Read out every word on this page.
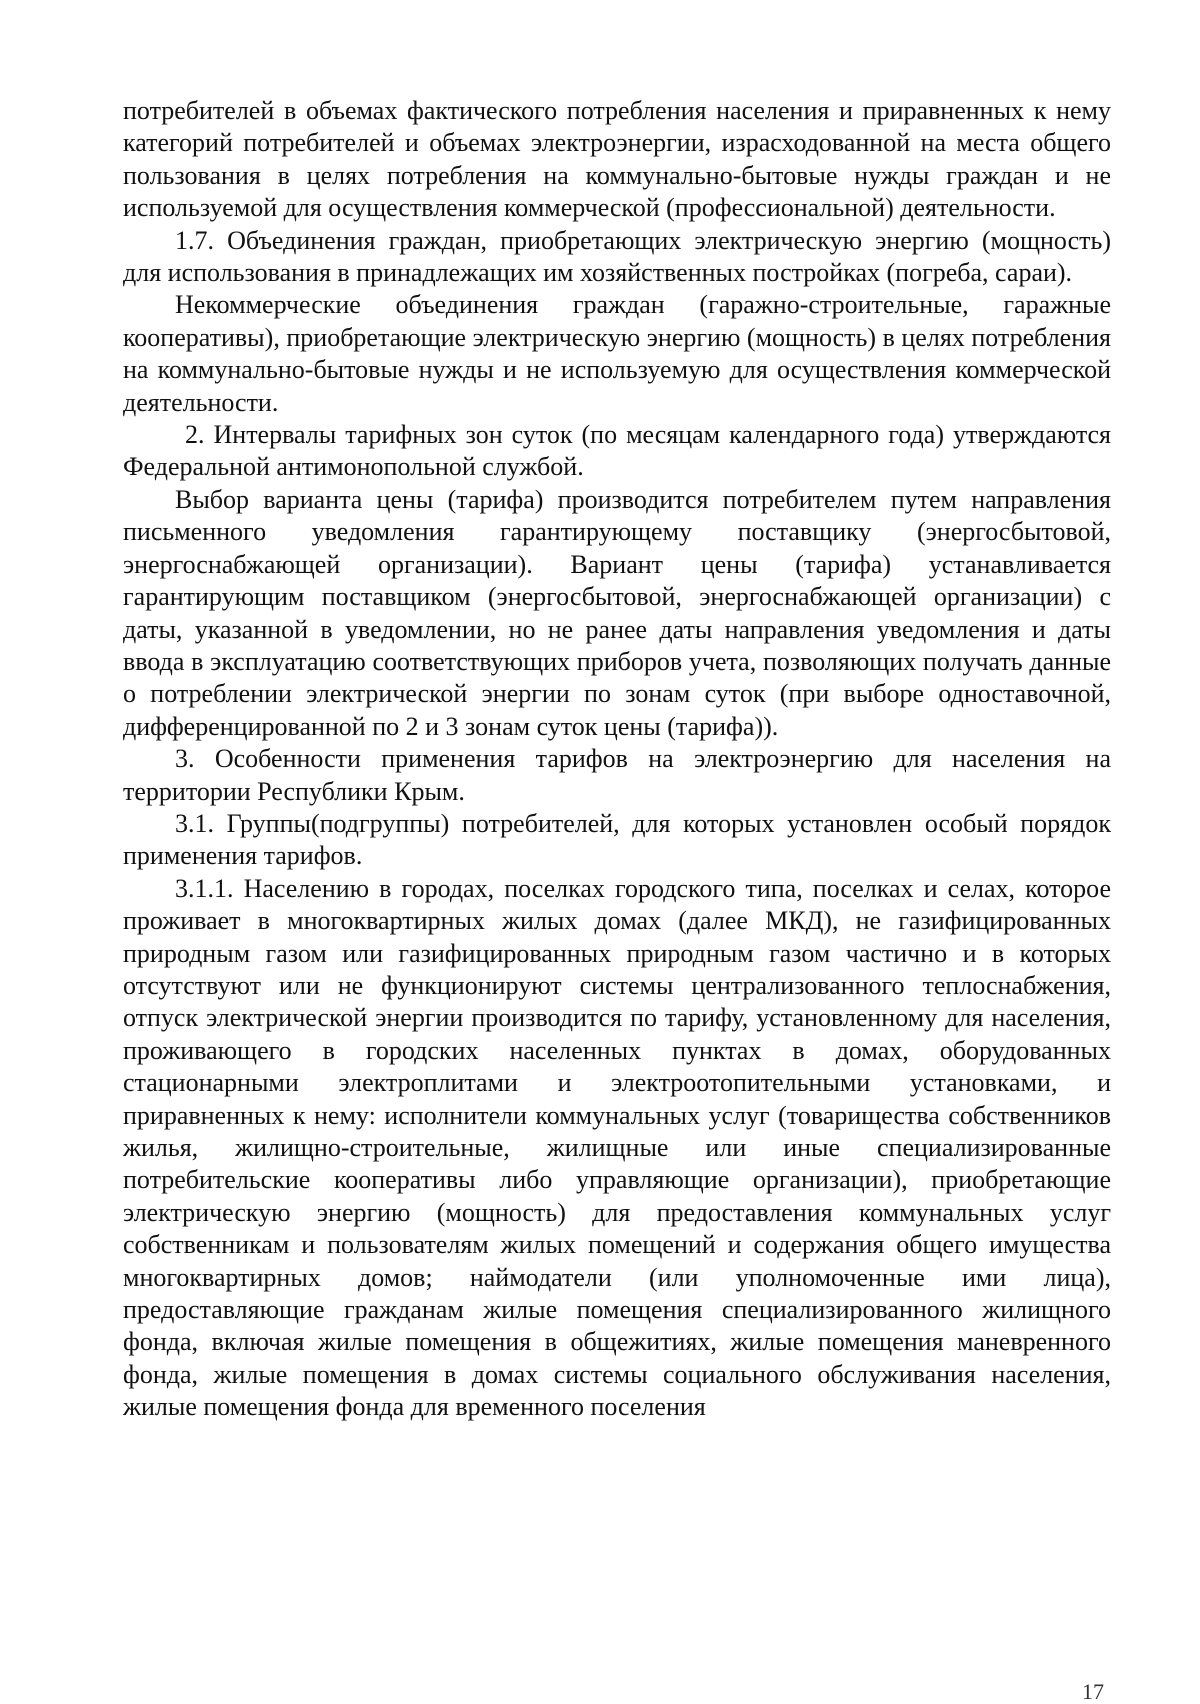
потребителей в объемах фактического потребления населения и приравненных к нему категорий потребителей и объемах электроэнергии, израсходованной на места общего пользования в целях потребления на коммунально-бытовые нужды граждан и не используемой для осуществления коммерческой (профессиональной) деятельности.

1.7. Объединения граждан, приобретающих электрическую энергию (мощность) для использования в принадлежащих им хозяйственных постройках (погреба, сараи).

Некоммерческие объединения граждан (гаражно-строительные, гаражные кооперативы), приобретающие электрическую энергию (мощность) в целях потребления на коммунально-бытовые нужды и не используемую для осуществления коммерческой деятельности.

2. Интервалы тарифных зон суток (по месяцам календарного года) утверждаются Федеральной антимонопольной службой.

Выбор варианта цены (тарифа) производится потребителем путем направления письменного уведомления гарантирующему поставщику (энергосбытовой, энергоснабжающей организации). Вариант цены (тарифа) устанавливается гарантирующим поставщиком (энергосбытовой, энергоснабжающей организации) с даты, указанной в уведомлении, но не ранее даты направления уведомления и даты ввода в эксплуатацию соответствующих приборов учета, позволяющих получать данные о потреблении электрической энергии по зонам суток (при выборе одноставочной, дифференцированной по 2 и 3 зонам суток цены (тарифа)).

3. Особенности применения тарифов на электроэнергию для населения на территории Республики Крым.

3.1. Группы(подгруппы) потребителей, для которых установлен особый порядок применения тарифов.

3.1.1. Населению в городах, поселках городского типа, поселках и селах, которое проживает в многоквартирных жилых домах (далее МКД), не газифицированных природным газом или газифицированных природным газом частично и в которых отсутствуют или не функционируют системы централизованного теплоснабжения, отпуск электрической энергии производится по тарифу, установленному для населения, проживающего в городских населенных пунктах в домах, оборудованных стационарными электроплитами и электроотопительными установками, и приравненных к нему: исполнители коммунальных услуг (товарищества собственников жилья, жилищно-строительные, жилищные или иные специализированные потребительские кооперативы либо управляющие организации), приобретающие электрическую энергию (мощность) для предоставления коммунальных услуг собственникам и пользователям жилых помещений и содержания общего имущества многоквартирных домов; наймодатели (или уполномоченные ими лица), предоставляющие гражданам жилые помещения специализированного жилищного фонда, включая жилые помещения в общежитиях, жилые помещения маневренного фонда, жилые помещения в домах системы социального обслуживания населения, жилые помещения фонда для временного поселения

17
